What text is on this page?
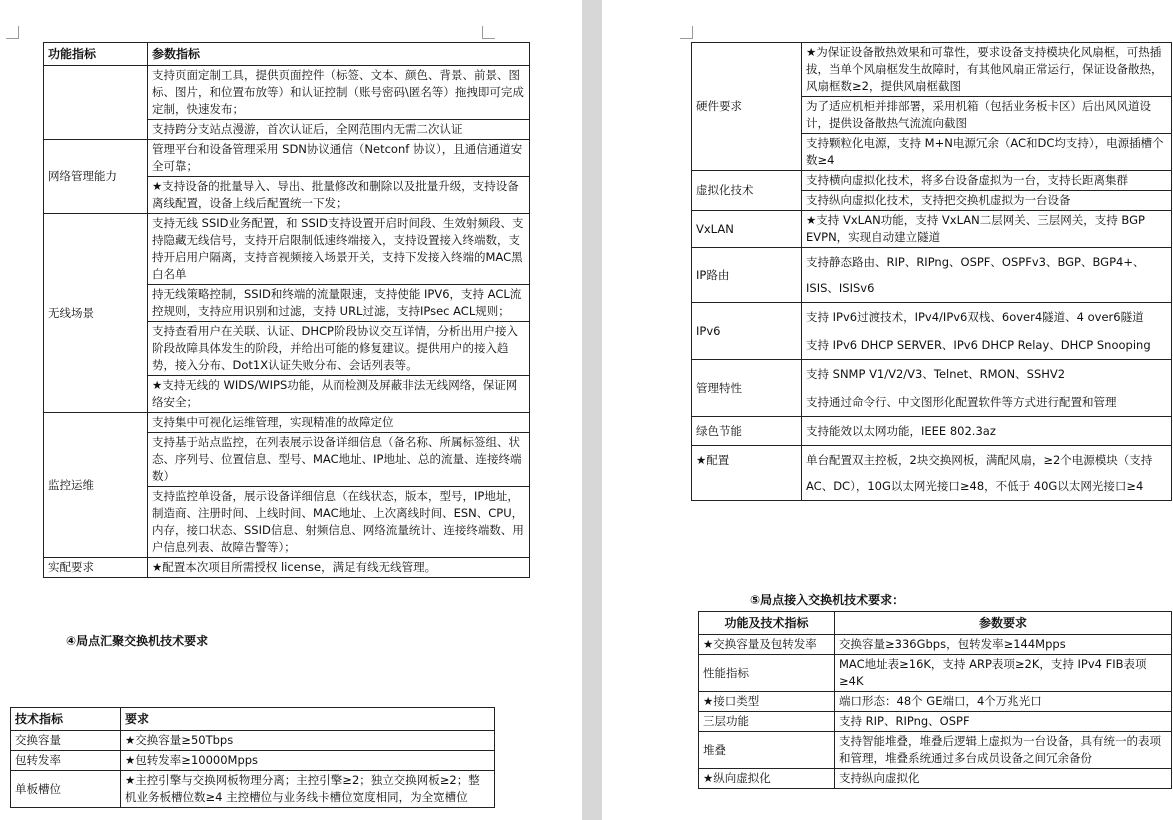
功能指标	参数指标
	支持页面定制工具，提供页面控件（标签、文本、颜色、背景、前景、图标、图片，和位置布放等）和认证控制（账号密码\匿名等）拖拽即可完成定制，快速发布；
	支持跨分支站点漫游，首次认证后，全网范围内无需二次认证
网络管理能力	管理平台和设备管理采用 SDN协议通信（Netconf 协议），且通信通道安全可靠；
	★支持设备的批量导入、导出、批量修改和删除以及批量升级，支持设备离线配置，设备上线后配置统一下发；
无线场景	支持无线 SSID业务配置，和 SSID支持设置开启时间段、生效射频段、支持隐藏无线信号，支持开启限制低速终端接入，支持设置接入终端数，支持开启用户隔离，支持音视频接入场景开关，支持下发接入终端的MAC黑白名单
	持无线策略控制，SSID和终端的流量限速，支持使能 IPV6，支持 ACL流控规则，支持应用识别和过滤，支持 URL过滤，支持IPsec ACL规则；
	支持查看用户在关联、认证、DHCP阶段协议交互详情，分析出用户接入阶段故障具体发生的阶段，并给出可能的修复建议。提供用户的接入趋势，接入分布、Dot1X认证失败分布、会话列表等。
	★支持无线的 WIDS/WIPS功能，从而检测及屏蔽非法无线网络，保证网络安全；
监控运维	支持集中可视化运维管理，实现精准的故障定位
	支持基于站点监控，在列表展示设备详细信息（备名称、所属标签组、状态、序列号、位置信息、型号、MAC地址、IP地址、总的流量、连接终端数）
	支持监控单设备，展示设备详细信息（在线状态，版本，型号，IP地址，制造商、注册时间、上线时间、MAC地址、上次离线时间、ESN、CPU，内存，接口状态、SSID信息、射频信息、网络流量统计、连接终端数、用户信息列表、故障告警等）；
实配要求	★配置本次项目所需授权 license，满足有线无线管理。
④局点汇聚交换机技术要求
技术指标	要求
交换容量	★交换容量≥50Tbps
包转发率	★包转发率≥10000Mpps
单板槽位	★主控引擎与交换网板物理分离；主控引擎≥2；独立交换网板≥2；整机业务板槽位数≥4 主控槽位与业务线卡槽位宽度相同，为全宽槽位
硬件要求	★为保证设备散热效果和可靠性，要求设备支持模块化风扇框，可热插拔，当单个风扇框发生故障时，有其他风扇正常运行，保证设备散热，风扇框数≥2，提供风扇框截图
	为了适应机柜并排部署，采用机箱（包括业务板卡区）后出风风道设计，提供设备散热气流流向截图
	支持颗粒化电源，支持 M+N电源冗余（AC和DC均支持），电源插槽个数≥4
虚拟化技术	支持横向虚拟化技术，将多台设备虚拟为一台，支持长距离集群
	支持纵向虚拟化技术，支持把交换机虚拟为一台设备
VxLAN	★支持 VxLAN功能，支持 VxLAN二层网关、三层网关，支持 BGP EVPN，实现自动建立隧道
IP路由	支持静态路由、RIP、RIPng、OSPF、OSPFv3、BGP、BGP4+、ISIS、ISISv6
IPv6	支持 IPv6过渡技术，IPv4/IPv6双栈、6over4隧道、4 over6隧道
	支持 IPv6 DHCP SERVER、IPv6 DHCP Relay、DHCP Snooping
管理特性	支持 SNMP V1/V2/V3、Telnet、RMON、SSHV2
	支持通过命令行、中文图形化配置软件等方式进行配置和管理
绿色节能	支持能效以太网功能，IEEE 802.3az
★配置	单台配置双主控板，2块交换网板，满配风扇，≥2个电源模块（支持 AC、DC），10G以太网光接口≥48，不低于 40G以太网光接口≥4
⑤局点接入交换机技术要求：
功能及技术指标	参数要求
★交换容量及包转发率	交换容量≥336Gbps，包转发率≥144Mpps
性能指标	MAC地址表≥16K，支持 ARP表项≥2K，支持 IPv4 FIB表项≥4K
★接口类型	端口形态：48个 GE端口，4个万兆光口
三层功能	支持 RIP、RIPng、OSPF
堆叠	支持智能堆叠，堆叠后逻辑上虚拟为一台设备，具有统一的表项和管理，堆叠系统通过多台成员设备之间冗余备份
★纵向虚拟化	支持纵向虚拟化
